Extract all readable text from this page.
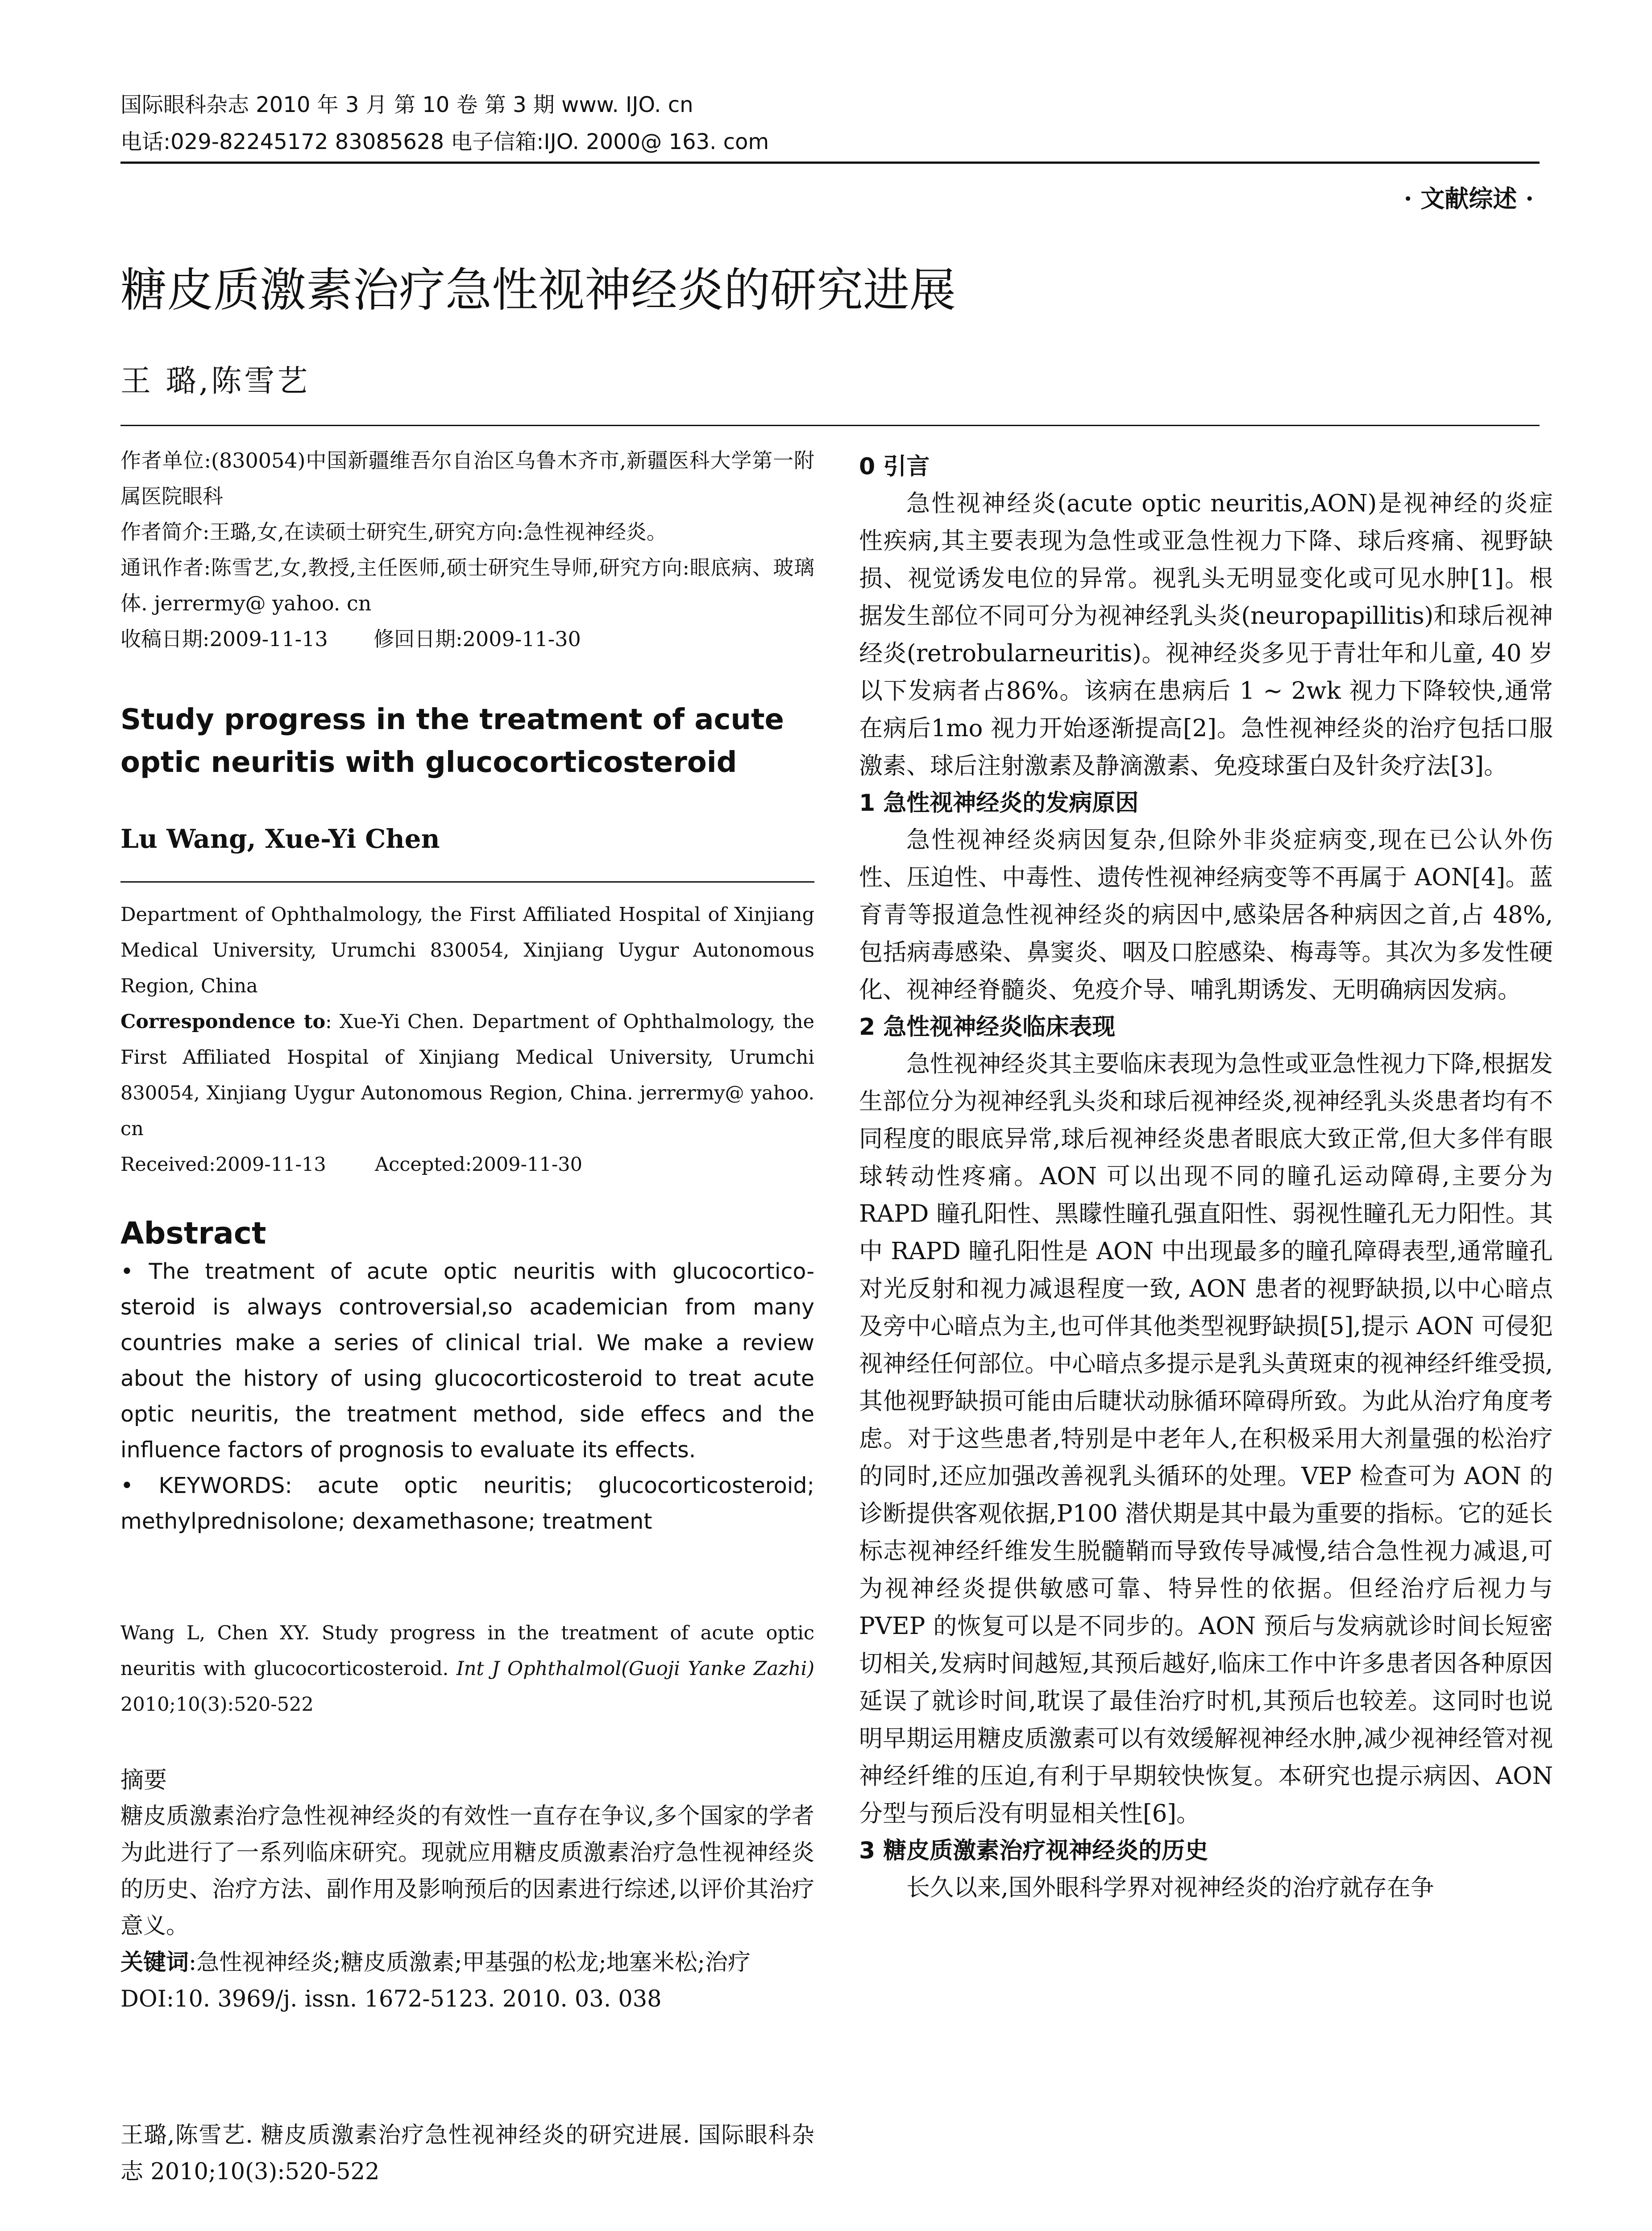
国际眼科杂志 2010 年 3 月 第 10 卷 第 3 期 www. IJO. cn
电话:029-82245172 83085628 电子信箱:IJO. 2000@ 163. com
· 文献综述 ·
糖皮质激素治疗急性视神经炎的研究进展
王 璐,陈雪艺
作者单位:(830054)中国新疆维吾尔自治区乌鲁木齐市,新疆医科大学第一附属医院眼科
作者简介:王璐,女,在读硕士研究生,研究方向:急性视神经炎。
通讯作者:陈雪艺,女,教授,主任医师,硕士研究生导师,研究方向:眼底病、玻璃体. jerrermy@ yahoo. cn
收稿日期:2009-11-13       修回日期:2009-11-30
Study progress in the treatment of acute optic neuritis with glucocorticosteroid
Lu Wang, Xue-Yi Chen
Department of Ophthalmology, the First Affiliated Hospital of Xinjiang Medical University, Urumchi 830054, Xinjiang Uygur Autonomous Region, China
Correspondence to: Xue-Yi Chen. Department of Ophthalmology, the First Affiliated Hospital of Xinjiang Medical University, Urumchi 830054, Xinjiang Uygur Autonomous Region, China. jerrermy@ yahoo. cn
Received:2009-11-13        Accepted:2009-11-30
Abstract
• The treatment of acute optic neuritis with glucocortico-steroid is always controversial,so academician from many countries make a series of clinical trial. We make a review about the history of using glucocorticosteroid to treat acute optic neuritis, the treatment method, side effecs and the influence factors of prognosis to evaluate its effects.
• KEYWORDS: acute optic neuritis; glucocorticosteroid; methylprednisolone; dexamethasone; treatment
Wang L, Chen XY. Study progress in the treatment of acute optic neuritis with glucocorticosteroid. Int J Ophthalmol(Guoji Yanke Zazhi) 2010;10(3):520-522
摘要
糖皮质激素治疗急性视神经炎的有效性一直存在争议,多个国家的学者为此进行了一系列临床研究。现就应用糖皮质激素治疗急性视神经炎的历史、治疗方法、副作用及影响预后的因素进行综述,以评价其治疗意义。
关键词:急性视神经炎;糖皮质激素;甲基强的松龙;地塞米松;治疗
DOI:10. 3969/j. issn. 1672-5123. 2010. 03. 038
王璐,陈雪艺. 糖皮质激素治疗急性视神经炎的研究进展. 国际眼科杂志 2010;10(3):520-522
0 引言

急性视神经炎(acute optic neuritis,AON)是视神经的炎症性疾病,其主要表现为急性或亚急性视力下降、球后疼痛、视野缺损、视觉诱发电位的异常。视乳头无明显变化或可见水肿[1]。根据发生部位不同可分为视神经乳头炎(neuropapillitis)和球后视神经炎(retrobularneuritis)。视神经炎多见于青壮年和儿童, 40 岁以下发病者占86%。该病在患病后 1 ~ 2wk 视力下降较快,通常在病后1mo 视力开始逐渐提高[2]。急性视神经炎的治疗包括口服激素、球后注射激素及静滴激素、免疫球蛋白及针灸疗法[3]。

1 急性视神经炎的发病原因

急性视神经炎病因复杂,但除外非炎症病变,现在已公认外伤性、压迫性、中毒性、遗传性视神经病变等不再属于 AON[4]。蓝育青等报道急性视神经炎的病因中,感染居各种病因之首,占 48%,包括病毒感染、鼻窦炎、咽及口腔感染、梅毒等。其次为多发性硬化、视神经脊髓炎、免疫介导、哺乳期诱发、无明确病因发病。

2 急性视神经炎临床表现

急性视神经炎其主要临床表现为急性或亚急性视力下降,根据发生部位分为视神经乳头炎和球后视神经炎,视神经乳头炎患者均有不同程度的眼底异常,球后视神经炎患者眼底大致正常,但大多伴有眼球转动性疼痛。AON 可以出现不同的瞳孔运动障碍,主要分为 RAPD 瞳孔阳性、黑矇性瞳孔强直阳性、弱视性瞳孔无力阳性。其中 RAPD 瞳孔阳性是 AON 中出现最多的瞳孔障碍表型,通常瞳孔对光反射和视力减退程度一致, AON 患者的视野缺损,以中心暗点及旁中心暗点为主,也可伴其他类型视野缺损[5],提示 AON 可侵犯视神经任何部位。中心暗点多提示是乳头黄斑束的视神经纤维受损,其他视野缺损可能由后睫状动脉循环障碍所致。为此从治疗角度考虑。对于这些患者,特别是中老年人,在积极采用大剂量强的松治疗的同时,还应加强改善视乳头循环的处理。VEP 检查可为 AON 的诊断提供客观依据,P100 潜伏期是其中最为重要的指标。它的延长标志视神经纤维发生脱髓鞘而导致传导减慢,结合急性视力减退,可为视神经炎提供敏感可靠、特异性的依据。但经治疗后视力与 PVEP 的恢复可以是不同步的。AON 预后与发病就诊时间长短密切相关,发病时间越短,其预后越好,临床工作中许多患者因各种原因延误了就诊时间,耽误了最佳治疗时机,其预后也较差。这同时也说明早期运用糖皮质激素可以有效缓解视神经水肿,减少视神经管对视神经纤维的压迫,有利于早期较快恢复。本研究也提示病因、AON 分型与预后没有明显相关性[6]。

3 糖皮质激素治疗视神经炎的历史

长久以来,国外眼科学界对视神经炎的治疗就存在争
